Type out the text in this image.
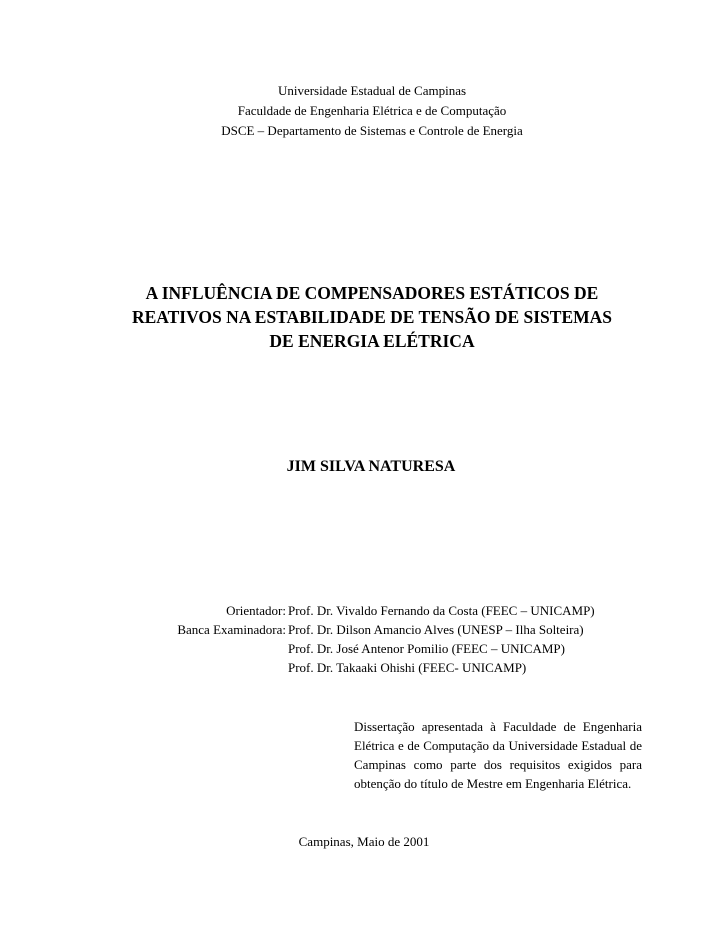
Universidade Estadual de Campinas
Faculdade de Engenharia Elétrica e de Computação
DSCE – Departamento de Sistemas e Controle de Energia
A INFLUÊNCIA DE COMPENSADORES ESTÁTICOS DE
REATIVOS NA ESTABILIDADE DE TENSÃO DE SISTEMAS
DE ENERGIA ELÉTRICA
JIM SILVA NATURESA
Orientador: Prof. Dr. Vivaldo Fernando da Costa (FEEC – UNICAMP)
Banca Examinadora: Prof. Dr. Dilson Amancio Alves (UNESP – Ilha Solteira)
Prof. Dr. José Antenor Pomilio (FEEC – UNICAMP)
Prof. Dr. Takaaki Ohishi (FEEC- UNICAMP)
Dissertação apresentada à Faculdade de Engenharia Elétrica e de Computação da Universidade Estadual de Campinas como parte dos requisitos exigidos para obtenção do título de Mestre em Engenharia Elétrica.
Campinas, Maio de 2001
